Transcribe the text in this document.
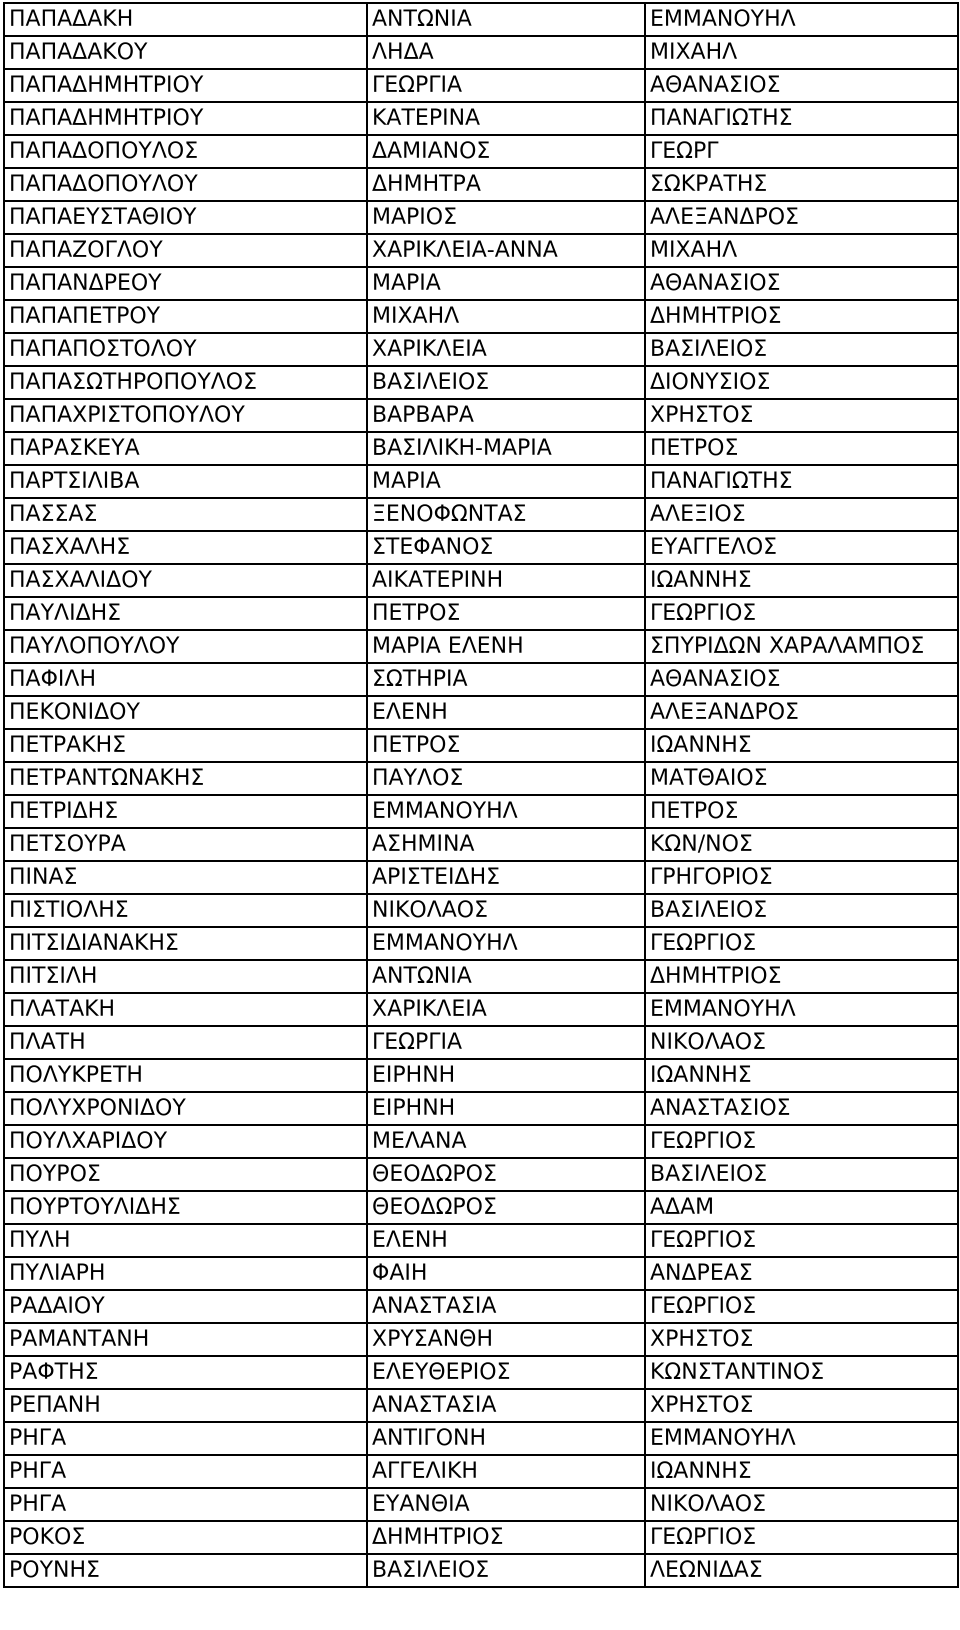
ΠΑΠΑΔΑΚΗ	ΑΝΤΩΝΙΑ	ΕΜΜΑΝΟΥΗΛ
ΠΑΠΑΔΑΚΟΥ	ΛΗΔΑ	ΜΙΧΑΗΛ
ΠΑΠΑΔΗΜΗΤΡΙΟΥ	ΓΕΩΡΓΙΑ	ΑΘΑΝΑΣΙΟΣ
ΠΑΠΑΔΗΜΗΤΡΙΟΥ	ΚΑΤΕΡΙΝΑ	ΠΑΝΑΓΙΩΤΗΣ
ΠΑΠΑΔΟΠΟΥΛΟΣ	ΔΑΜΙΑΝΟΣ	ΓΕΩΡΓ
ΠΑΠΑΔΟΠΟΥΛΟΥ	ΔΗΜΗΤΡΑ	ΣΩΚΡΑΤΗΣ
ΠΑΠΑΕΥΣΤΑΘΙΟΥ	ΜΑΡΙΟΣ	ΑΛΕΞΑΝΔΡΟΣ
ΠΑΠΑΖΟΓΛΟΥ	ΧΑΡΙΚΛΕΙΑ-ΑΝΝΑ	ΜΙΧΑΗΛ
ΠΑΠΑΝΔΡΕΟΥ	ΜΑΡΙΑ	ΑΘΑΝΑΣΙΟΣ
ΠΑΠΑΠΕΤΡΟΥ	ΜΙΧΑΗΛ	ΔΗΜΗΤΡΙΟΣ
ΠΑΠΑΠΟΣΤΟΛΟΥ	ΧΑΡΙΚΛΕΙΑ	ΒΑΣΙΛΕΙΟΣ
ΠΑΠΑΣΩΤΗΡΟΠΟΥΛΟΣ	ΒΑΣΙΛΕΙΟΣ	ΔΙΟΝΥΣΙΟΣ
ΠΑΠΑΧΡΙΣΤΟΠΟΥΛΟΥ	ΒΑΡΒΑΡΑ	ΧΡΗΣΤΟΣ
ΠΑΡΑΣΚΕΥΑ	ΒΑΣΙΛΙΚΗ-ΜΑΡΙΑ	ΠΕΤΡΟΣ
ΠΑΡΤΣΙΛΙΒΑ	ΜΑΡΙΑ	ΠΑΝΑΓΙΩΤΗΣ
ΠΑΣΣΑΣ	ΞΕΝΟΦΩΝΤΑΣ	ΑΛΕΞΙΟΣ
ΠΑΣΧΑΛΗΣ	ΣΤΕΦΑΝΟΣ	ΕΥΑΓΓΕΛΟΣ
ΠΑΣΧΑΛΙΔΟΥ	ΑΙΚΑΤΕΡΙΝΗ	ΙΩΑΝΝΗΣ
ΠΑΥΛΙΔΗΣ	ΠΕΤΡΟΣ	ΓΕΩΡΓΙΟΣ
ΠΑΥΛΟΠΟΥΛΟΥ	ΜΑΡΙΑ ΕΛΕΝΗ	ΣΠΥΡΙΔΩΝ ΧΑΡΑΛΑΜΠΟΣ
ΠΑΦΙΛΗ	ΣΩΤΗΡΙΑ	ΑΘΑΝΑΣΙΟΣ
ΠΕΚΟΝΙΔΟΥ	ΕΛΕΝΗ	ΑΛΕΞΑΝΔΡΟΣ
ΠΕΤΡΑΚΗΣ	ΠΕΤΡΟΣ	ΙΩΑΝΝΗΣ
ΠΕΤΡΑΝΤΩΝΑΚΗΣ	ΠΑΥΛΟΣ	ΜΑΤΘΑΙΟΣ
ΠΕΤΡΙΔΗΣ	ΕΜΜΑΝΟΥΗΛ	ΠΕΤΡΟΣ
ΠΕΤΣΟΥΡΑ	ΑΣΗΜΙΝΑ	ΚΩΝ/ΝΟΣ
ΠΙΝΑΣ	ΑΡΙΣΤΕΙΔΗΣ	ΓΡΗΓΟΡΙΟΣ
ΠΙΣΤΙΟΛΗΣ	ΝΙΚΟΛΑΟΣ	ΒΑΣΙΛΕΙΟΣ
ΠΙΤΣΙΔΙΑΝΑΚΗΣ	ΕΜΜΑΝΟΥΗΛ	ΓΕΩΡΓΙΟΣ
ΠΙΤΣΙΛΗ	ΑΝΤΩΝΙΑ	ΔΗΜΗΤΡΙΟΣ
ΠΛΑΤΑΚΗ	ΧΑΡΙΚΛΕΙΑ	ΕΜΜΑΝΟΥΗΛ
ΠΛΑΤΗ	ΓΕΩΡΓΙΑ	ΝΙΚΟΛΑΟΣ
ΠΟΛΥΚΡΕΤΗ	ΕΙΡΗΝΗ	ΙΩΑΝΝΗΣ
ΠΟΛΥΧΡΟΝΙΔΟΥ	ΕΙΡΗΝΗ	ΑΝΑΣΤΑΣΙΟΣ
ΠΟΥΛΧΑΡΙΔΟΥ	ΜΕΛΑΝΑ	ΓΕΩΡΓΙΟΣ
ΠΟΥΡΟΣ	ΘΕΟΔΩΡΟΣ	ΒΑΣΙΛΕΙΟΣ
ΠΟΥΡΤΟΥΛΙΔΗΣ	ΘΕΟΔΩΡΟΣ	ΑΔΑΜ
ΠΥΛΗ	ΕΛΕΝΗ	ΓΕΩΡΓΙΟΣ
ΠΥΛΙΑΡΗ	ΦΑΙΗ	ΑΝΔΡΕΑΣ
ΡΑΔΑΙΟΥ	ΑΝΑΣΤΑΣΙΑ	ΓΕΩΡΓΙΟΣ
ΡΑΜΑΝΤΑΝΗ	ΧΡΥΣΑΝΘΗ	ΧΡΗΣΤΟΣ
ΡΑΦΤΗΣ	ΕΛΕΥΘΕΡΙΟΣ	ΚΩΝΣΤΑΝΤΙΝΟΣ
ΡΕΠΑΝΗ	ΑΝΑΣΤΑΣΙΑ	ΧΡΗΣΤΟΣ
ΡΗΓΑ	ΑΝΤΙΓΟΝΗ	ΕΜΜΑΝΟΥΗΛ
ΡΗΓΑ	ΑΓΓΕΛΙΚΗ	ΙΩΑΝΝΗΣ
ΡΗΓΑ	ΕΥΑΝΘΙΑ	ΝΙΚΟΛΑΟΣ
ΡΟΚΟΣ	ΔΗΜΗΤΡΙΟΣ	ΓΕΩΡΓΙΟΣ
ΡΟΥΝΗΣ	ΒΑΣΙΛΕΙΟΣ	ΛΕΩΝΙΔΑΣ
